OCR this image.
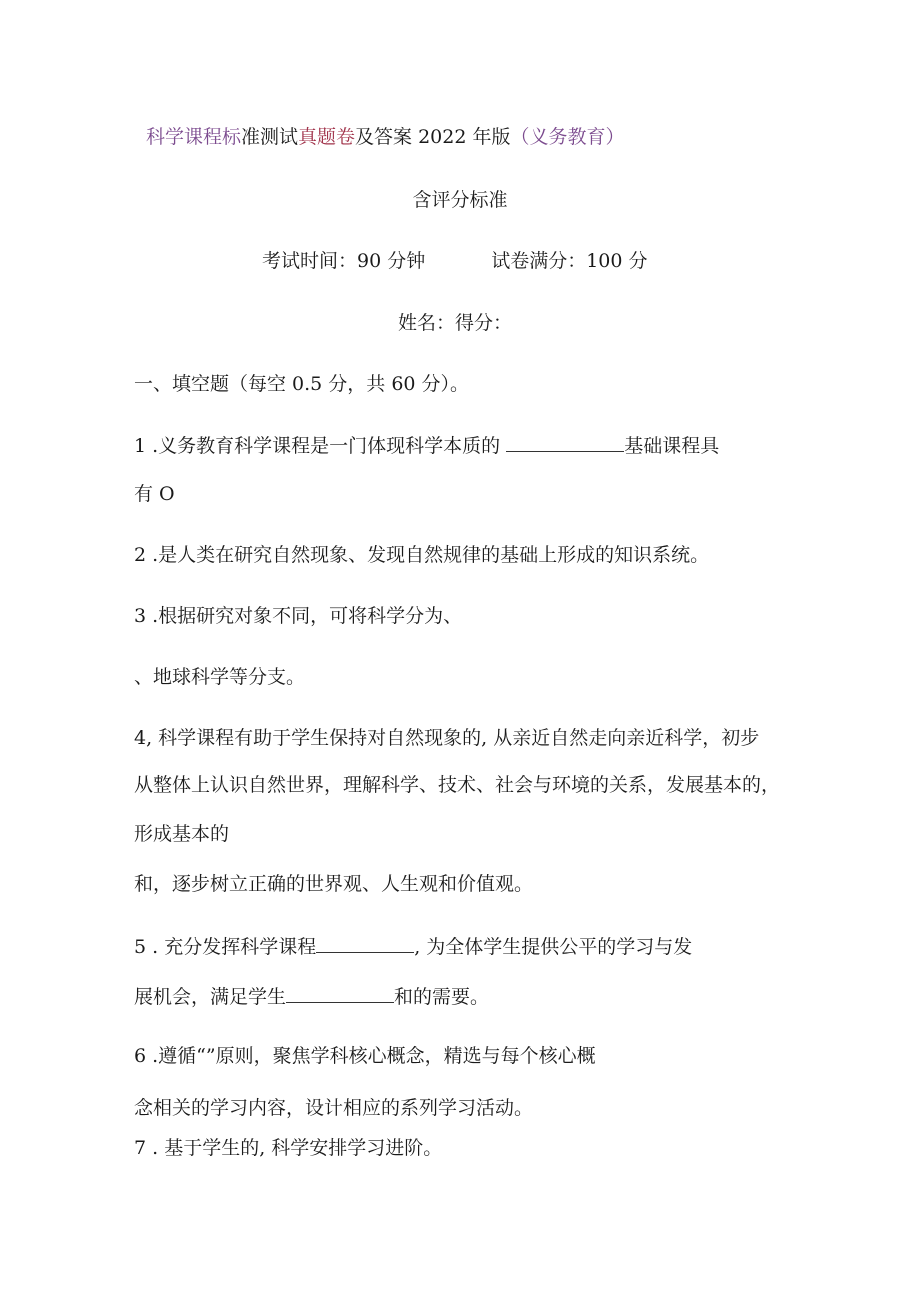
科学课程标准测试真题卷及答案 2022 年版（义务教育）
含评分标准
考试时间：90 分钟	试卷满分：100 分
姓名：得分：
一、填空题（每空 0.5 分，共 60 分）。
1 .义务教育科学课程是一门体现科学本质的	基础课程具
有 O
2 .是人类在研究自然现象、发现自然规律的基础上形成的知识系统。
3 .根据研究对象不同，可将科学分为、
、地球科学等分支。
4, 科学课程有助于学生保持对自然现象的, 从亲近自然走向亲近科学，初步
从整体上认识自然世界，理解科学、技术、社会与环境的关系，发展基本的，
形成基本的
和，逐步树立正确的世界观、人生观和价值观。
5 . 充分发挥科学课程	, 为全体学生提供公平的学习与发
展机会，满足学生	和的需要。
6 .遵循“”原则，聚焦学科核心概念，精选与每个核心概
念相关的学习内容，设计相应的系列学习活动。
7 . 基于学生的, 科学安排学习进阶。
